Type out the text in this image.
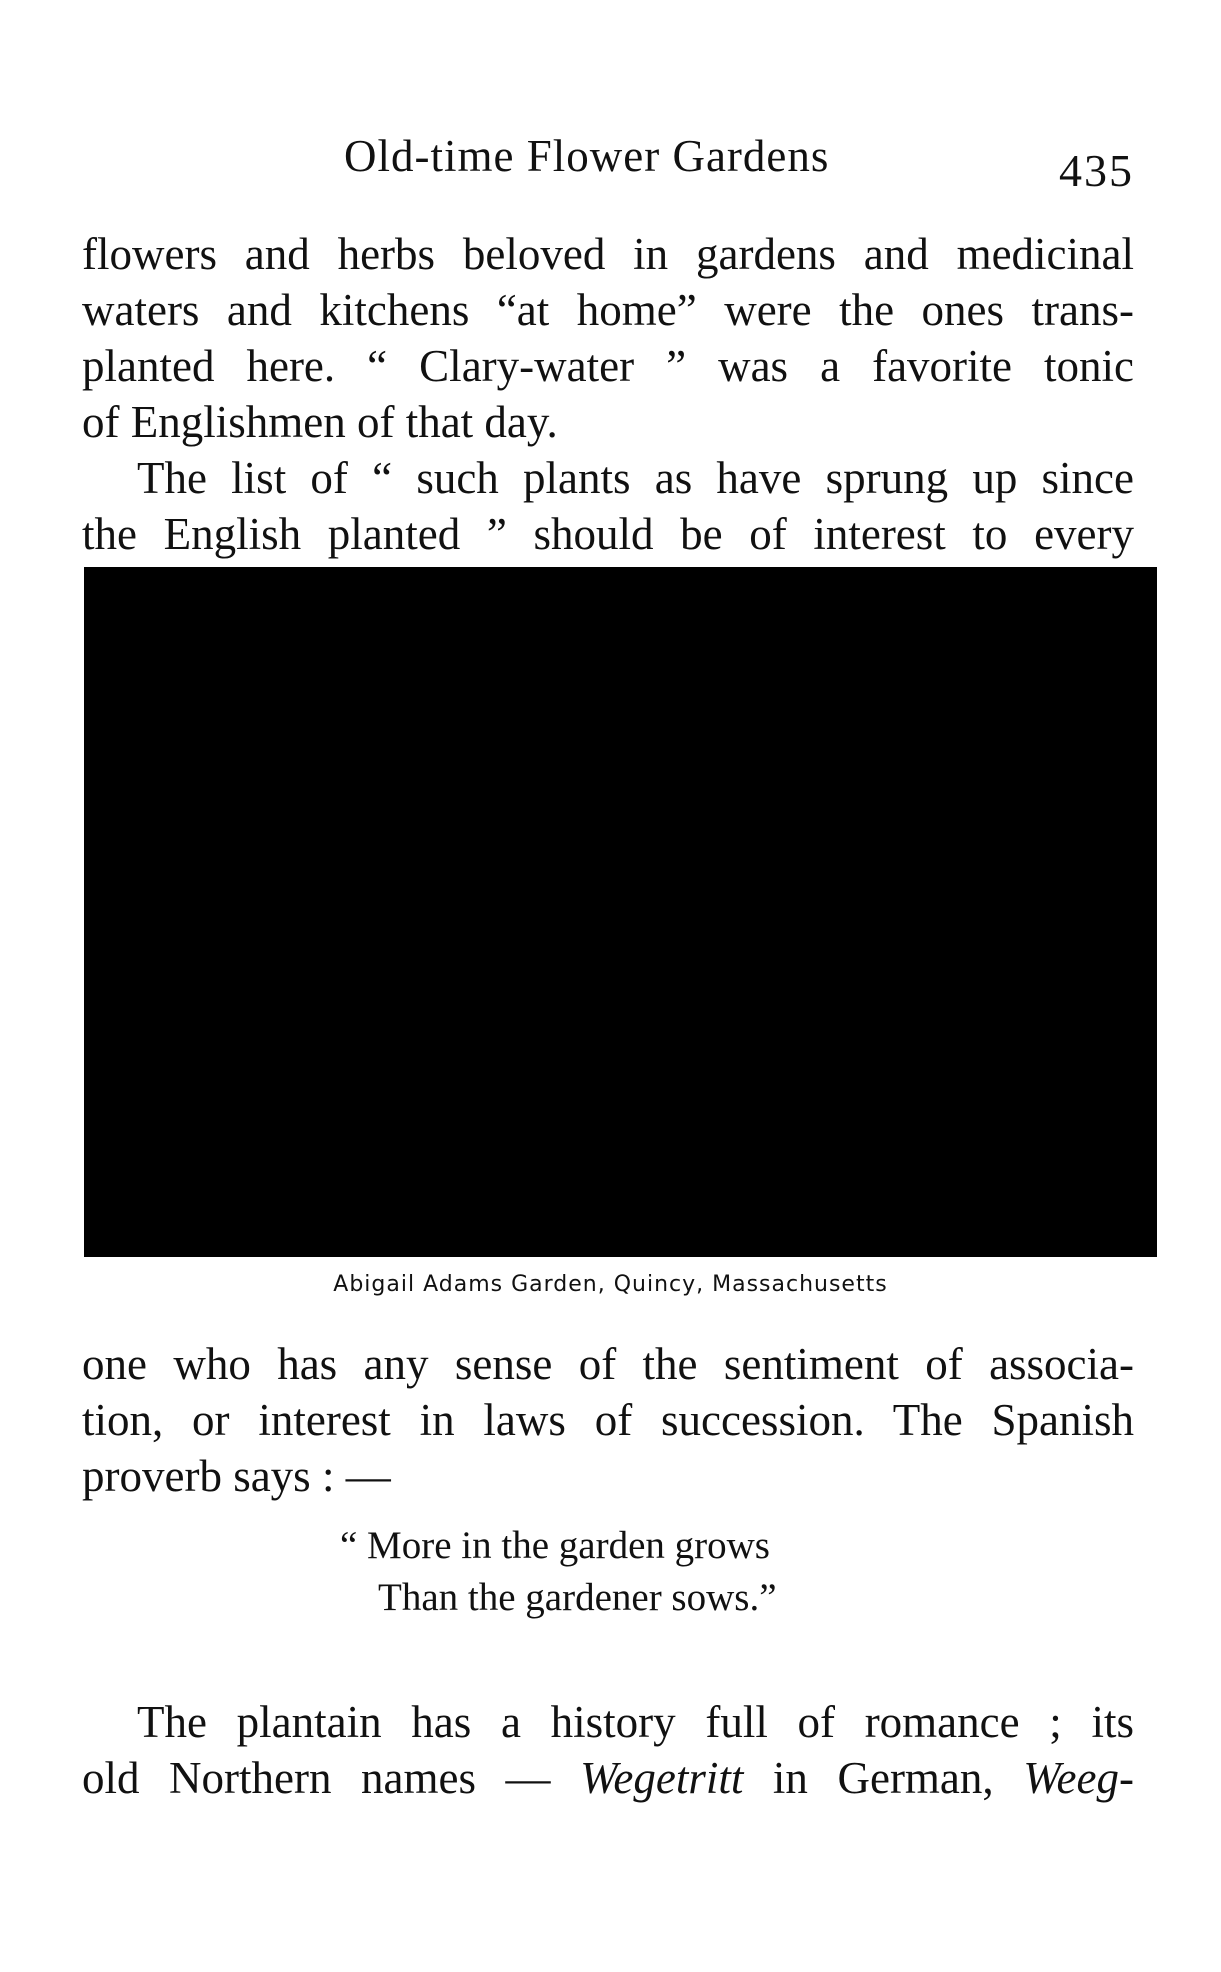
Old-time Flower Gardens	435
flowers and herbs beloved in gardens and medicinal
waters and kitchens “at home” were the ones trans-
planted here. “ Clary-water ” was a favorite tonic
of Englishmen of that day.
The list of “ such plants as have sprung up since
the English planted ” should be of interest to every
Abigail Adams Garden, Quincy, Massachusetts
one who has any sense of the sentiment of associa-
tion, or interest in laws of succession. The Spanish
proverb says : —
“ More in the garden grows
Than the gardener sows.”
The plantain has a history full of romance ; its
old Northern names — Wegetritt in German, Weeg-
